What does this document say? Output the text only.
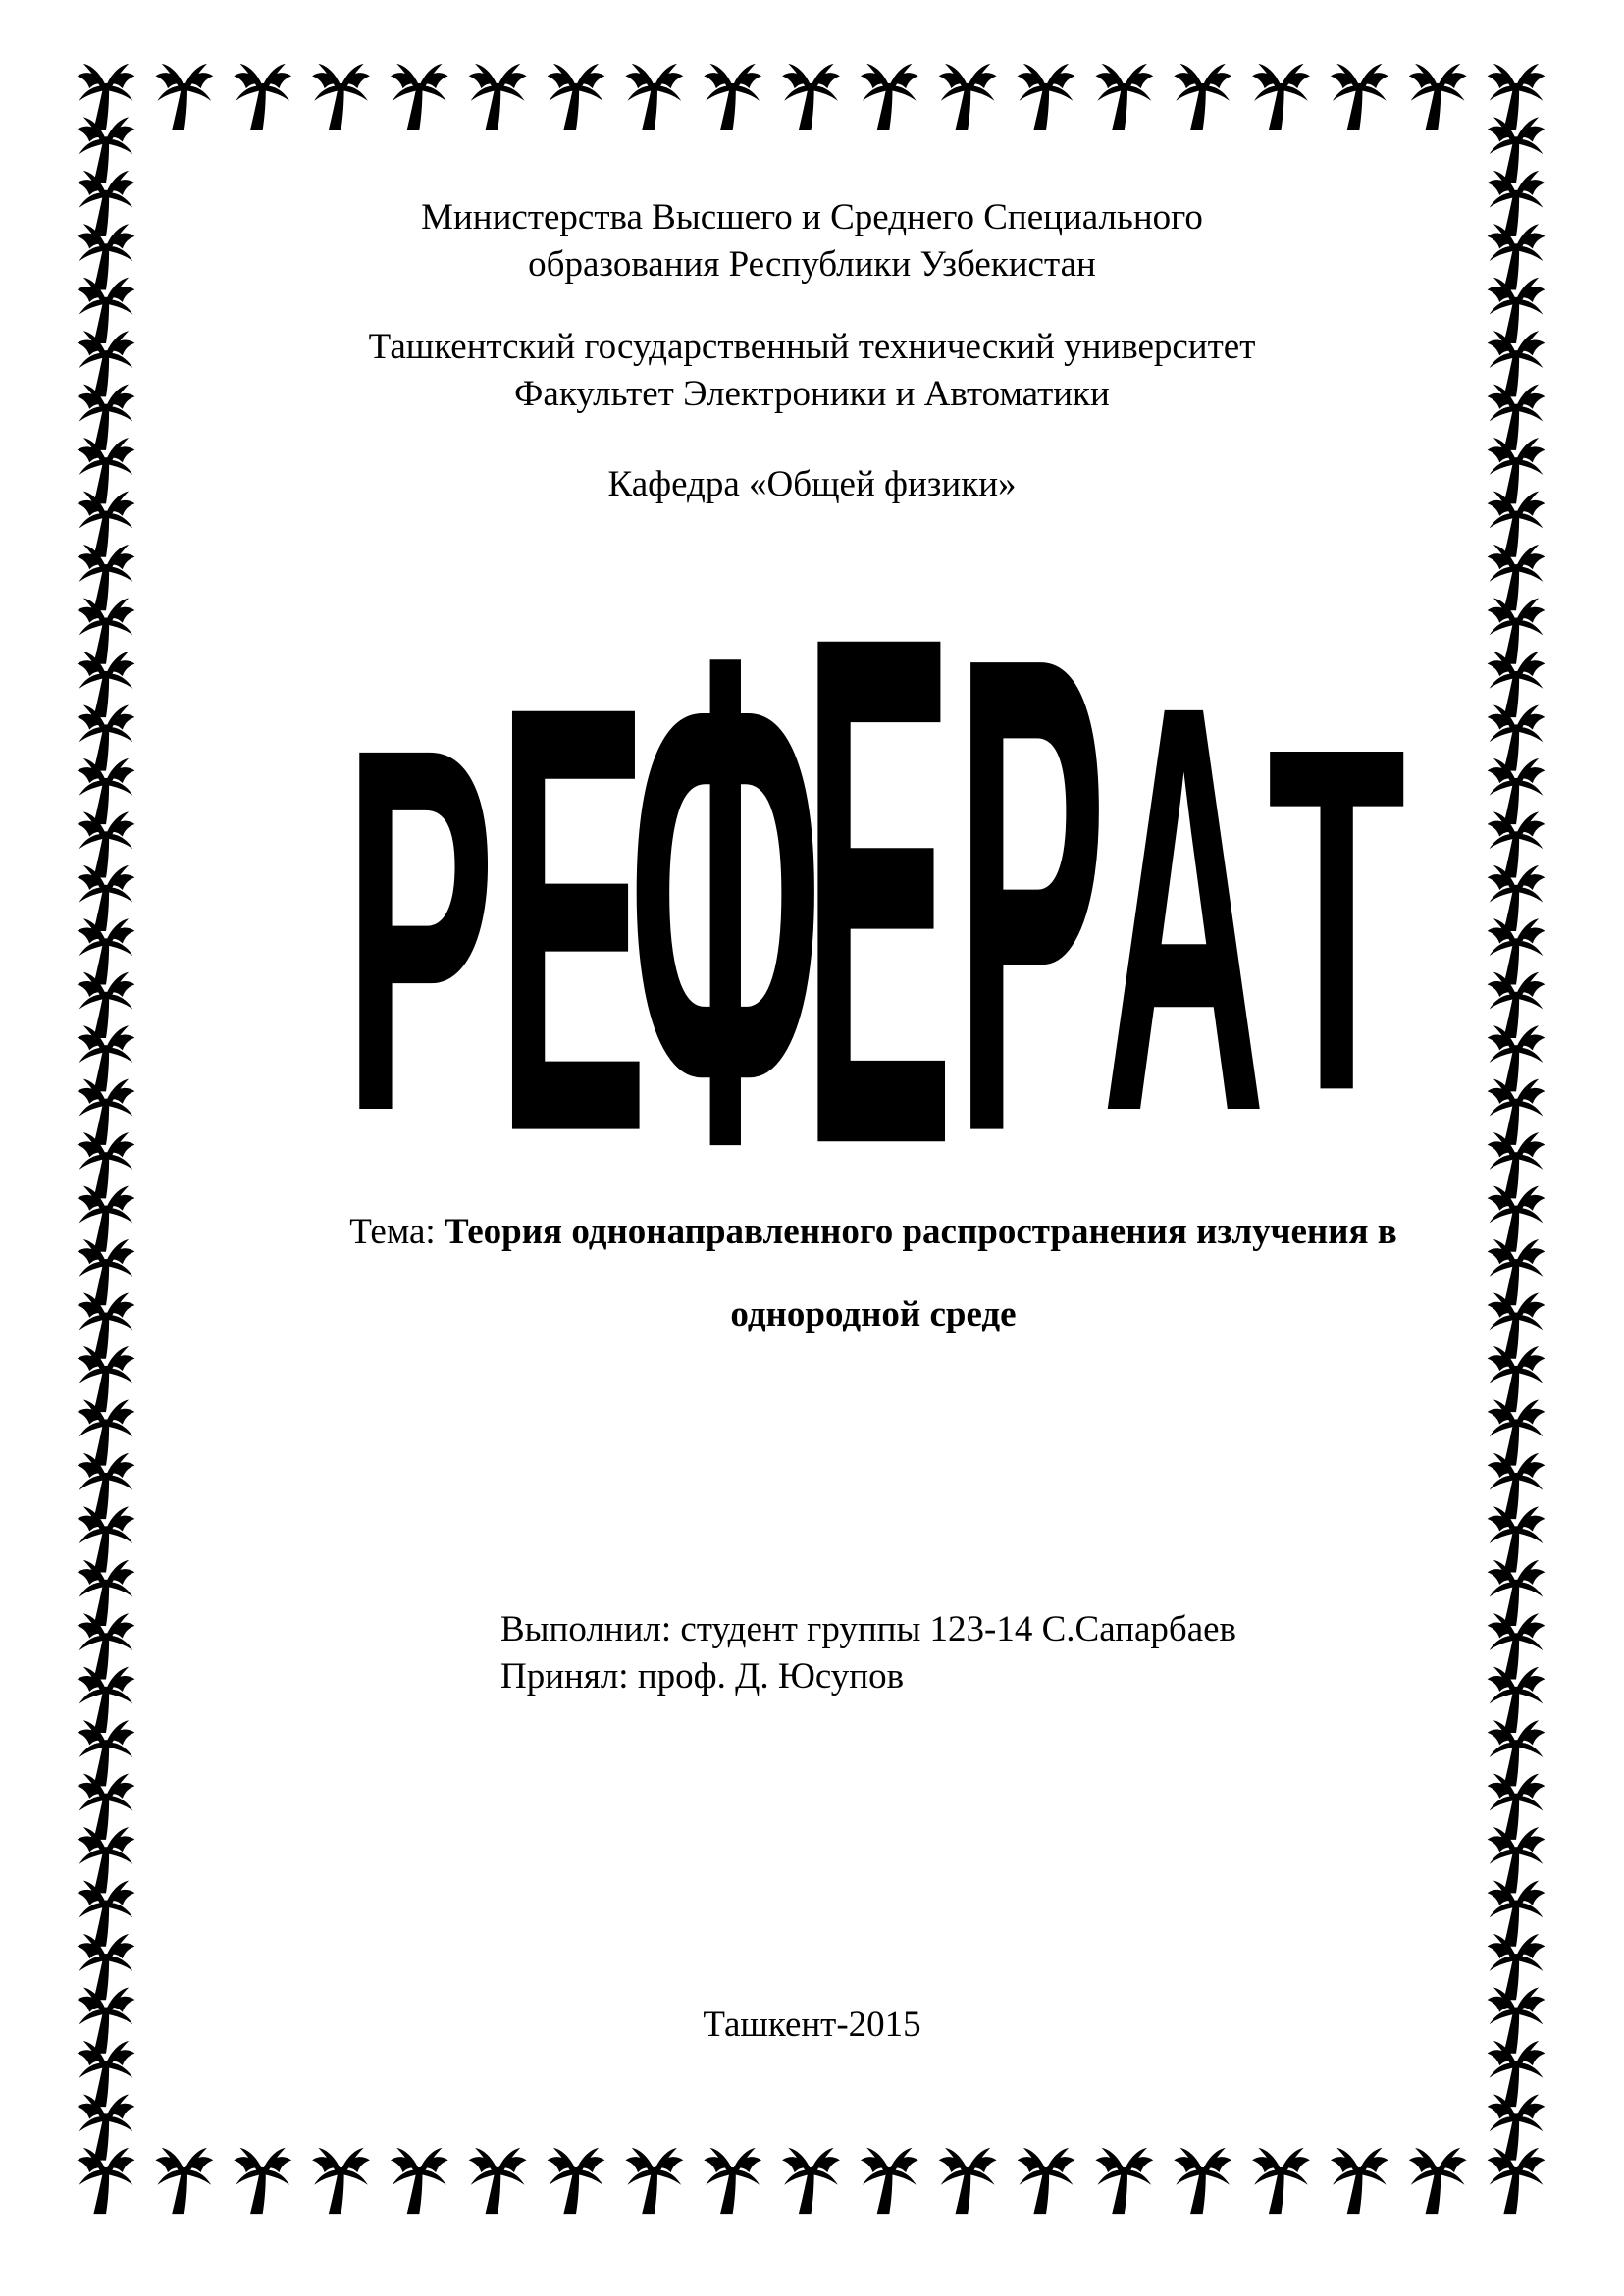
Министерства Высшего и Среднего Специального
образования Республики Узбекистан
Ташкентский государственный технический университет
Факультет Электроники и Автоматики
Кафедра «Общей физики»
Р Е
Ф
Е Р
А Т
Тема: Теория однонаправленного распространения излучения в
однородной среде
Выполнил: студент группы 123-14 С.Сапарбаев
Принял: проф. Д. Юсупов
Ташкент-2015
